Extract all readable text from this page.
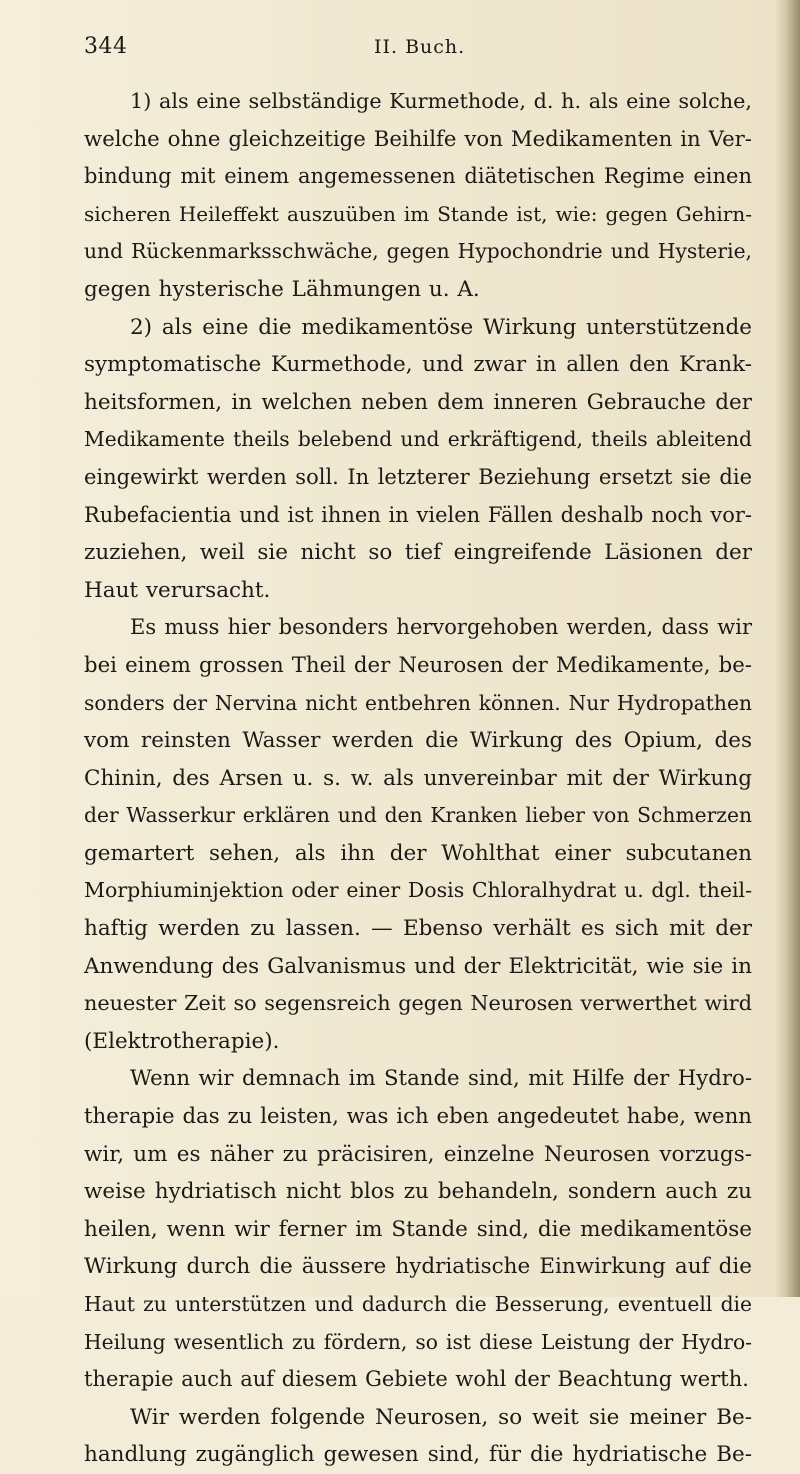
344	II. Buch.
1) als eine selbständige Kurmethode, d. h. als eine solche,
welche ohne gleichzeitige Beihilfe von Medikamenten in Ver-
bindung mit einem angemessenen diätetischen Regime einen
sicheren Heileffekt auszuüben im Stande ist, wie: gegen Gehirn-
und Rückenmarksschwäche, gegen Hypochondrie und Hysterie,
gegen hysterische Lähmungen u. A.
2) als eine die medikamentöse Wirkung unterstützende
symptomatische Kurmethode, und zwar in allen den Krank-
heitsformen, in welchen neben dem inneren Gebrauche der
Medikamente theils belebend und erkräftigend, theils ableitend
eingewirkt werden soll. In letzterer Beziehung ersetzt sie die
Rubefacientia und ist ihnen in vielen Fällen deshalb noch vor-
zuziehen, weil sie nicht so tief eingreifende Läsionen der
Haut verursacht.
Es muss hier besonders hervorgehoben werden, dass wir
bei einem grossen Theil der Neurosen der Medikamente, be-
sonders der Nervina nicht entbehren können. Nur Hydropathen
vom reinsten Wasser werden die Wirkung des Opium, des
Chinin, des Arsen u. s. w. als unvereinbar mit der Wirkung
der Wasserkur erklären und den Kranken lieber von Schmerzen
gemartert sehen, als ihn der Wohlthat einer subcutanen
Morphiuminjektion oder einer Dosis Chloralhydrat u. dgl. theil-
haftig werden zu lassen. — Ebenso verhält es sich mit der
Anwendung des Galvanismus und der Elektricität, wie sie in
neuester Zeit so segensreich gegen Neurosen verwerthet wird
(Elektrotherapie).
Wenn wir demnach im Stande sind, mit Hilfe der Hydro-
therapie das zu leisten, was ich eben angedeutet habe, wenn
wir, um es näher zu präcisiren, einzelne Neurosen vorzugs-
weise hydriatisch nicht blos zu behandeln, sondern auch zu
heilen, wenn wir ferner im Stande sind, die medikamentöse
Wirkung durch die äussere hydriatische Einwirkung auf die
Haut zu unterstützen und dadurch die Besserung, eventuell die
Heilung wesentlich zu fördern, so ist diese Leistung der Hydro-
therapie auch auf diesem Gebiete wohl der Beachtung werth.
Wir werden folgende Neurosen, so weit sie meiner Be-
handlung zugänglich gewesen sind, für die hydriatische Be-
